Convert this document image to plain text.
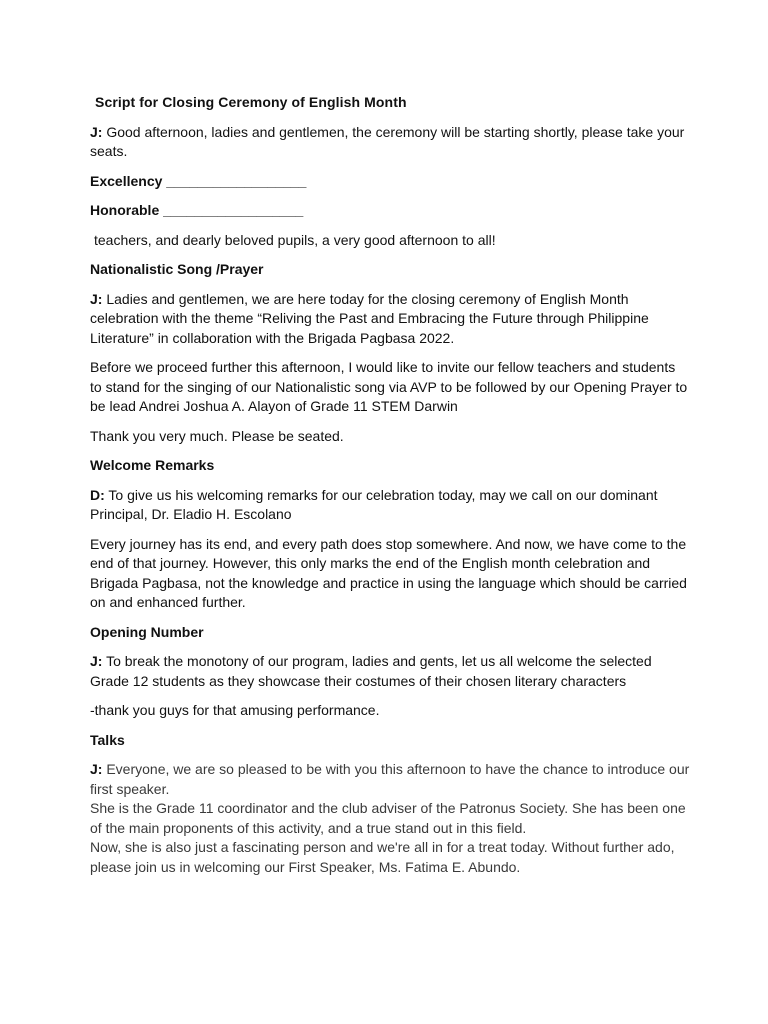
Script for Closing Ceremony of English Month

J: Good afternoon, ladies and gentlemen, the ceremony will be starting shortly, please take your seats.

Excellency __________________

Honorable __________________

teachers, and dearly beloved pupils, a very good afternoon to all!

Nationalistic Song /Prayer

J: Ladies and gentlemen, we are here today for the closing ceremony of English Month celebration with the theme “Reliving the Past and Embracing the Future through Philippine Literature” in collaboration with the Brigada Pagbasa 2022.

Before we proceed further this afternoon, I would like to invite our fellow teachers and students to stand for the singing of our Nationalistic song via AVP to be followed by our Opening Prayer to be lead Andrei Joshua A. Alayon of Grade 11 STEM Darwin

Thank you very much. Please be seated.

Welcome Remarks

D: To give us his welcoming remarks for our celebration today, may we call on our dominant Principal, Dr. Eladio H. Escolano

Every journey has its end, and every path does stop somewhere. And now, we have come to the end of that journey. However, this only marks the end of the English month celebration and Brigada Pagbasa, not the knowledge and practice in using the language which should be carried on and enhanced further.

Opening Number

J: To break the monotony of our program, ladies and gents, let us all welcome the selected Grade 12 students as they showcase their costumes of their chosen literary characters

-thank you guys for that amusing performance.

Talks

J: Everyone, we are so pleased to be with you this afternoon to have the chance to introduce our first speaker.
She is the Grade 11 coordinator and the club adviser of the Patronus Society. She has been one of the main proponents of this activity, and a true stand out in this field.
Now, she is also just a fascinating person and we're all in for a treat today. Without further ado, please join us in welcoming our First Speaker, Ms. Fatima E. Abundo.
